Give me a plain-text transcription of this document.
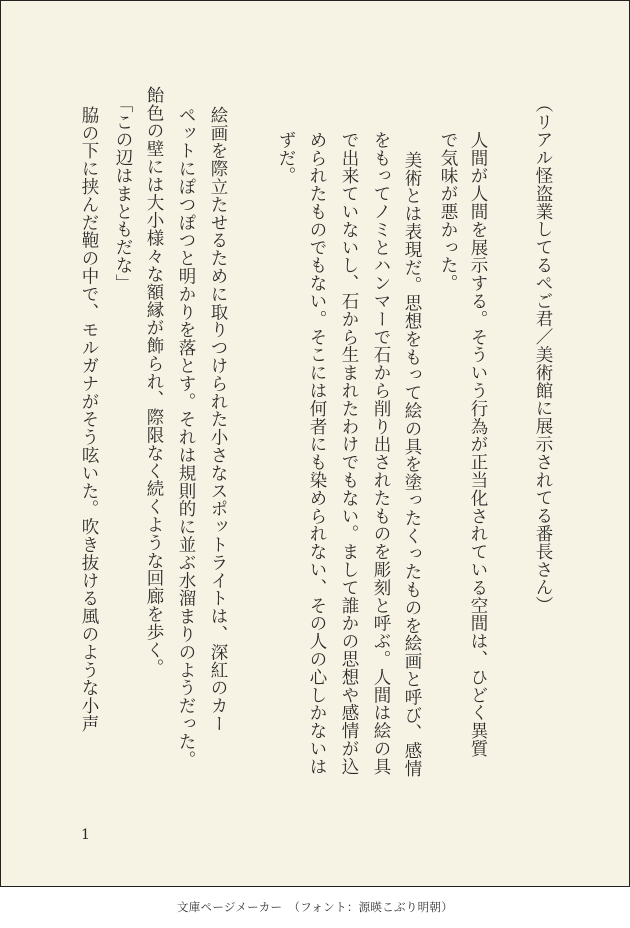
（リアル怪盗業してるぺご君／美術館に展示されてる番長さん）
人間が人間を展示する。そういう行為が正当化されている空間は、ひどく異質
で気味が悪かった。
美術とは表現だ。思想をもって絵の具を塗ったくったものを絵画と呼び、感情
をもってノミとハンマーで石から削り出されたものを彫刻と呼ぶ。人間は絵の具
で出来ていないし、石から生まれたわけでもない。まして誰かの思想や感情が込
められたものでもない。そこには何者にも染められない、その人の心しかないは
ずだ。
絵画を際立たせるために取りつけられた小さなスポットライトは、深紅のカー
ペットにぽつぽつと明かりを落とす。それは規則的に並ぶ水溜まりのようだった。
飴色の壁には大小様々な額縁が飾られ、際限なく続くような回廊を歩く。
「この辺はまともだな」
脇の下に挟んだ鞄の中で、モルガナがそう呟いた。吹き抜ける風のような小声
1
文庫ページメーカー　（フォント：源暎こぶり明朝）
